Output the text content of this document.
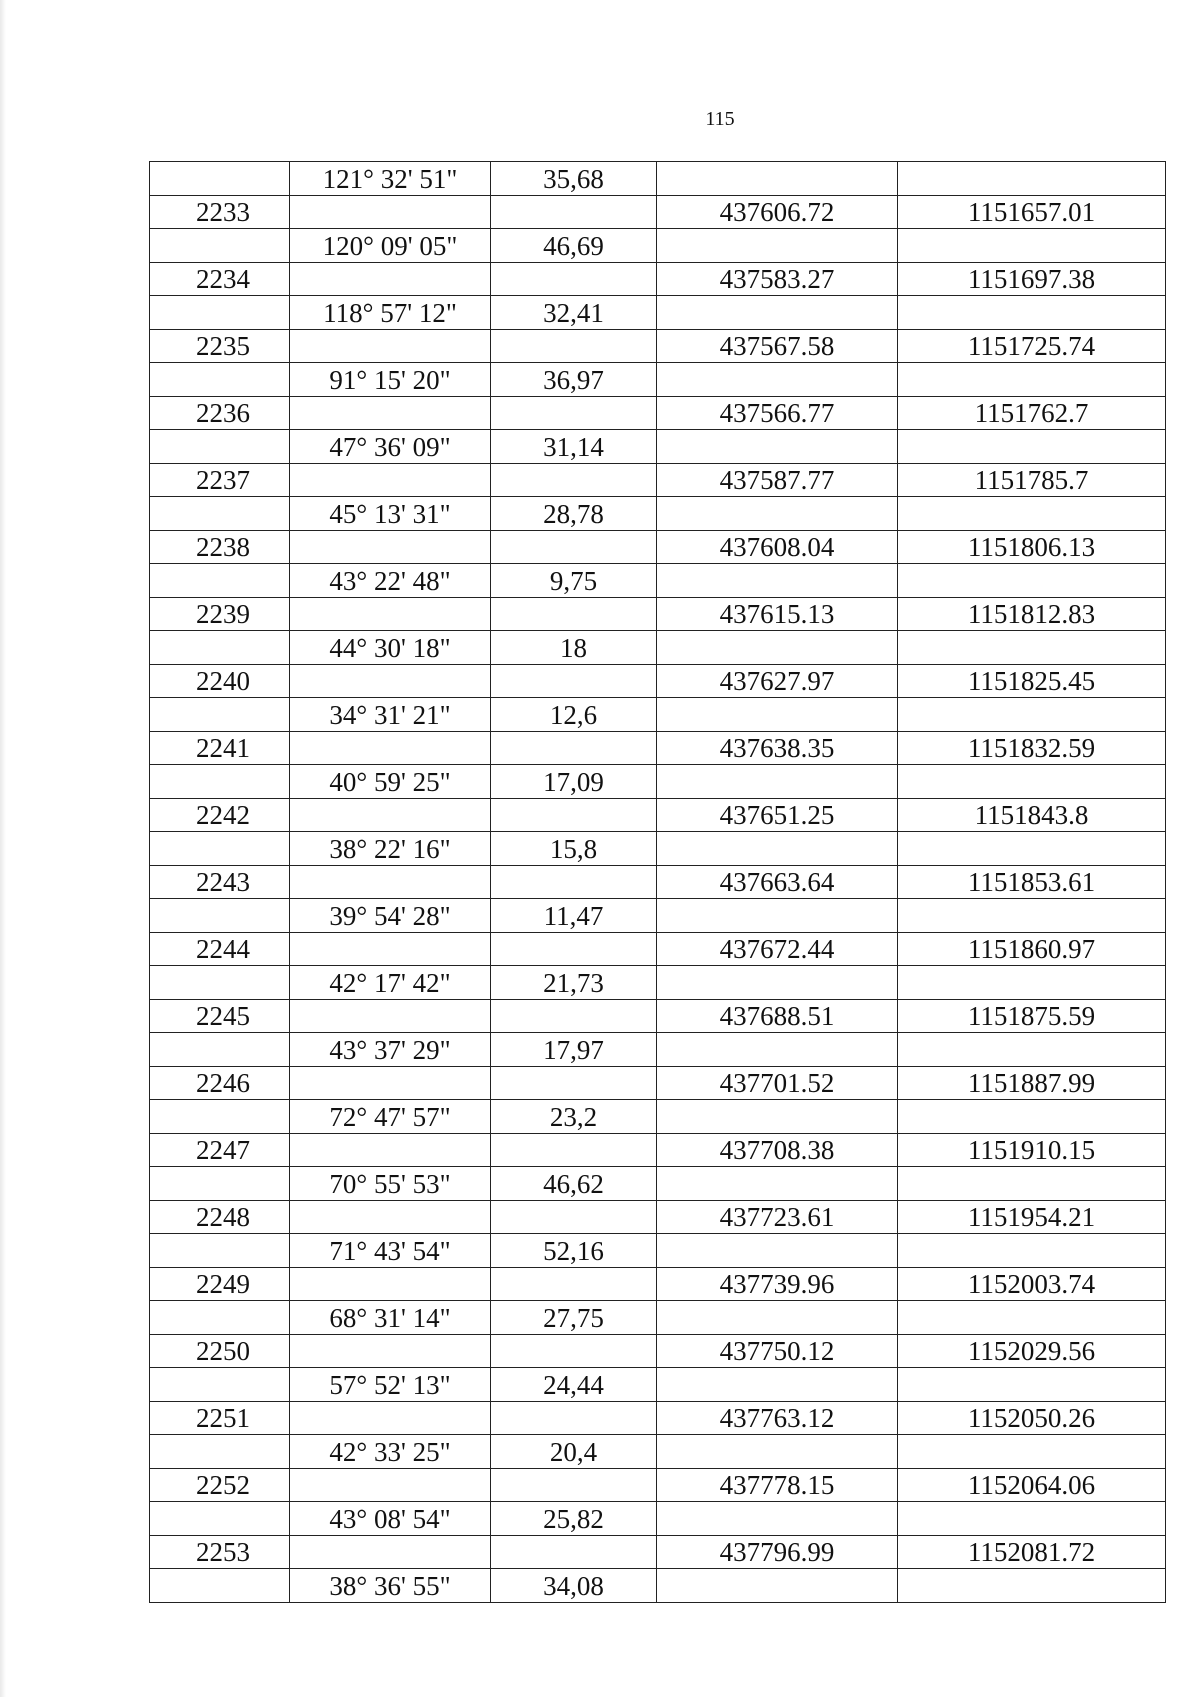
115
	121° 32' 51"	35,68		
2233			437606.72	1151657.01
	120° 09' 05"	46,69		
2234			437583.27	1151697.38
	118° 57' 12"	32,41		
2235			437567.58	1151725.74
	91° 15' 20"	36,97		
2236			437566.77	1151762.7
	47° 36' 09"	31,14		
2237			437587.77	1151785.7
	45° 13' 31"	28,78		
2238			437608.04	1151806.13
	43° 22' 48"	9,75		
2239			437615.13	1151812.83
	44° 30' 18"	18		
2240			437627.97	1151825.45
	34° 31' 21"	12,6		
2241			437638.35	1151832.59
	40° 59' 25"	17,09		
2242			437651.25	1151843.8
	38° 22' 16"	15,8		
2243			437663.64	1151853.61
	39° 54' 28"	11,47		
2244			437672.44	1151860.97
	42° 17' 42"	21,73		
2245			437688.51	1151875.59
	43° 37' 29"	17,97		
2246			437701.52	1151887.99
	72° 47' 57"	23,2		
2247			437708.38	1151910.15
	70° 55' 53"	46,62		
2248			437723.61	1151954.21
	71° 43' 54"	52,16		
2249			437739.96	1152003.74
	68° 31' 14"	27,75		
2250			437750.12	1152029.56
	57° 52' 13"	24,44		
2251			437763.12	1152050.26
	42° 33' 25"	20,4		
2252			437778.15	1152064.06
	43° 08' 54"	25,82		
2253			437796.99	1152081.72
	38° 36' 55"	34,08		
